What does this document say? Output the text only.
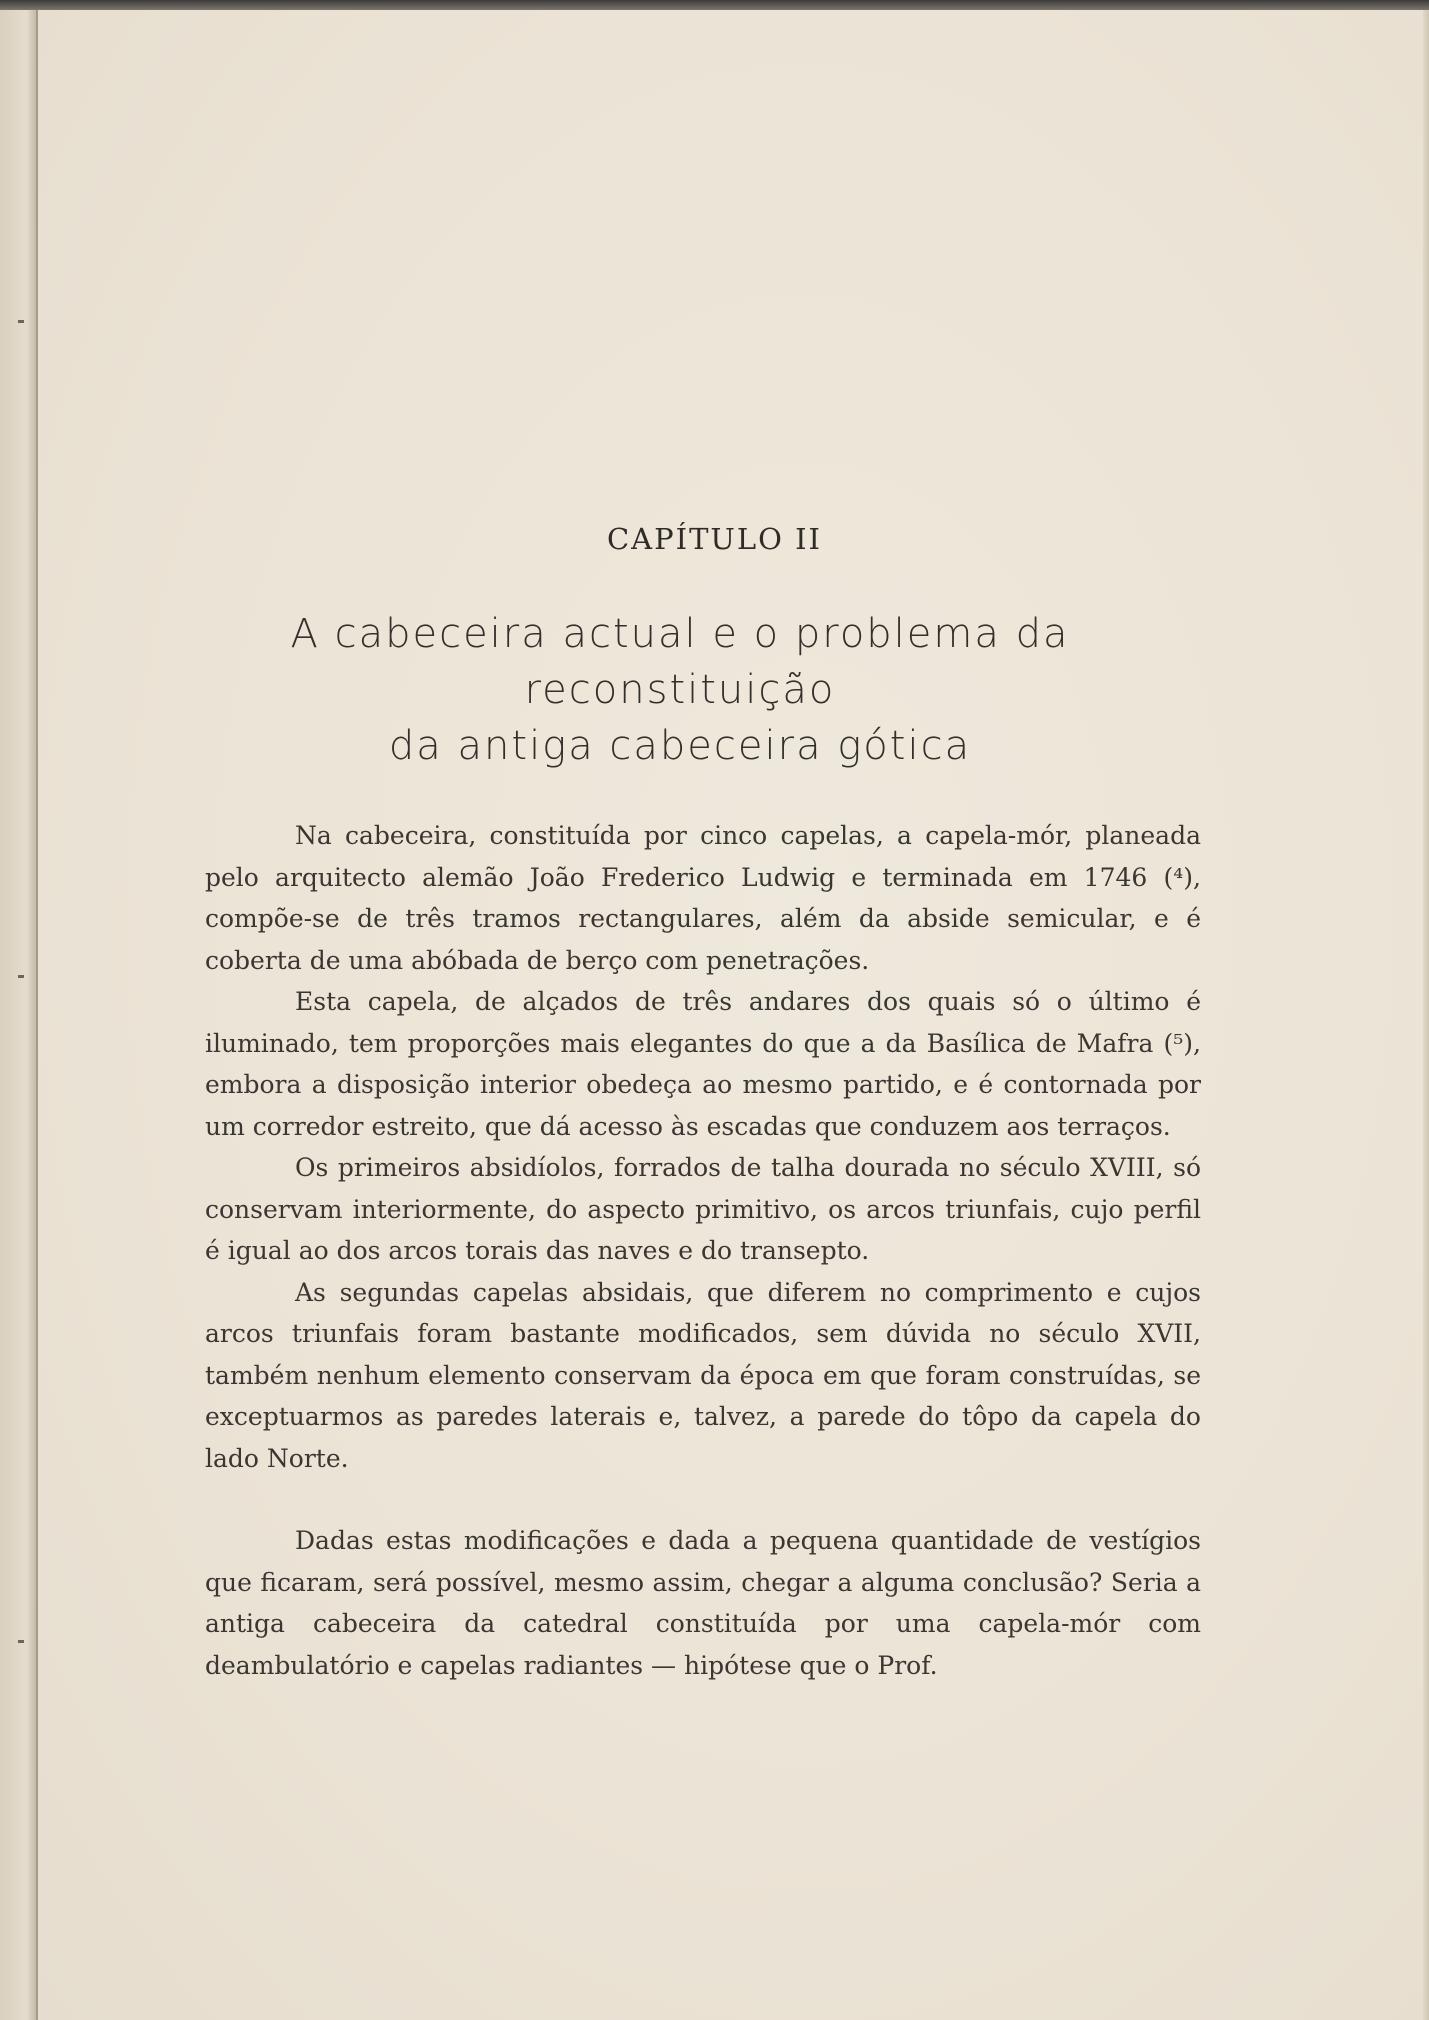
CAPÍTULO II
A cabeceira actual e o problema da reconstituição
da antiga cabeceira gótica

Na cabeceira, constituída por cinco capelas, a capela-mór, planeada pelo arquitecto alemão João Frederico Ludwig e terminada em 1746 (⁴), compõe-se de três tramos rectangulares, além da abside semicular, e é coberta de uma abóbada de berço com penetrações.

Esta capela, de alçados de três andares dos quais só o último é iluminado, tem proporções mais elegantes do que a da Basílica de Mafra (⁵), embora a disposição interior obedeça ao mesmo partido, e é contornada por um corredor estreito, que dá acesso às escadas que conduzem aos terraços.

Os primeiros absidíolos, forrados de talha dourada no século XVIII, só conservam interiormente, do aspecto primitivo, os arcos triunfais, cujo perfil é igual ao dos arcos torais das naves e do transepto.

As segundas capelas absidais, que diferem no comprimento e cujos arcos triunfais foram bastante modificados, sem dúvida no século XVII, também nenhum elemento conservam da época em que foram construídas, se exceptuarmos as paredes laterais e, talvez, a parede do tôpo da capela do lado Norte.

Dadas estas modificações e dada a pequena quantidade de vestígios que ficaram, será possível, mesmo assim, chegar a alguma conclusão? Seria a antiga cabeceira da catedral constituída por uma capela-mór com deambulatório e capelas radiantes — hipótese que o Prof.
